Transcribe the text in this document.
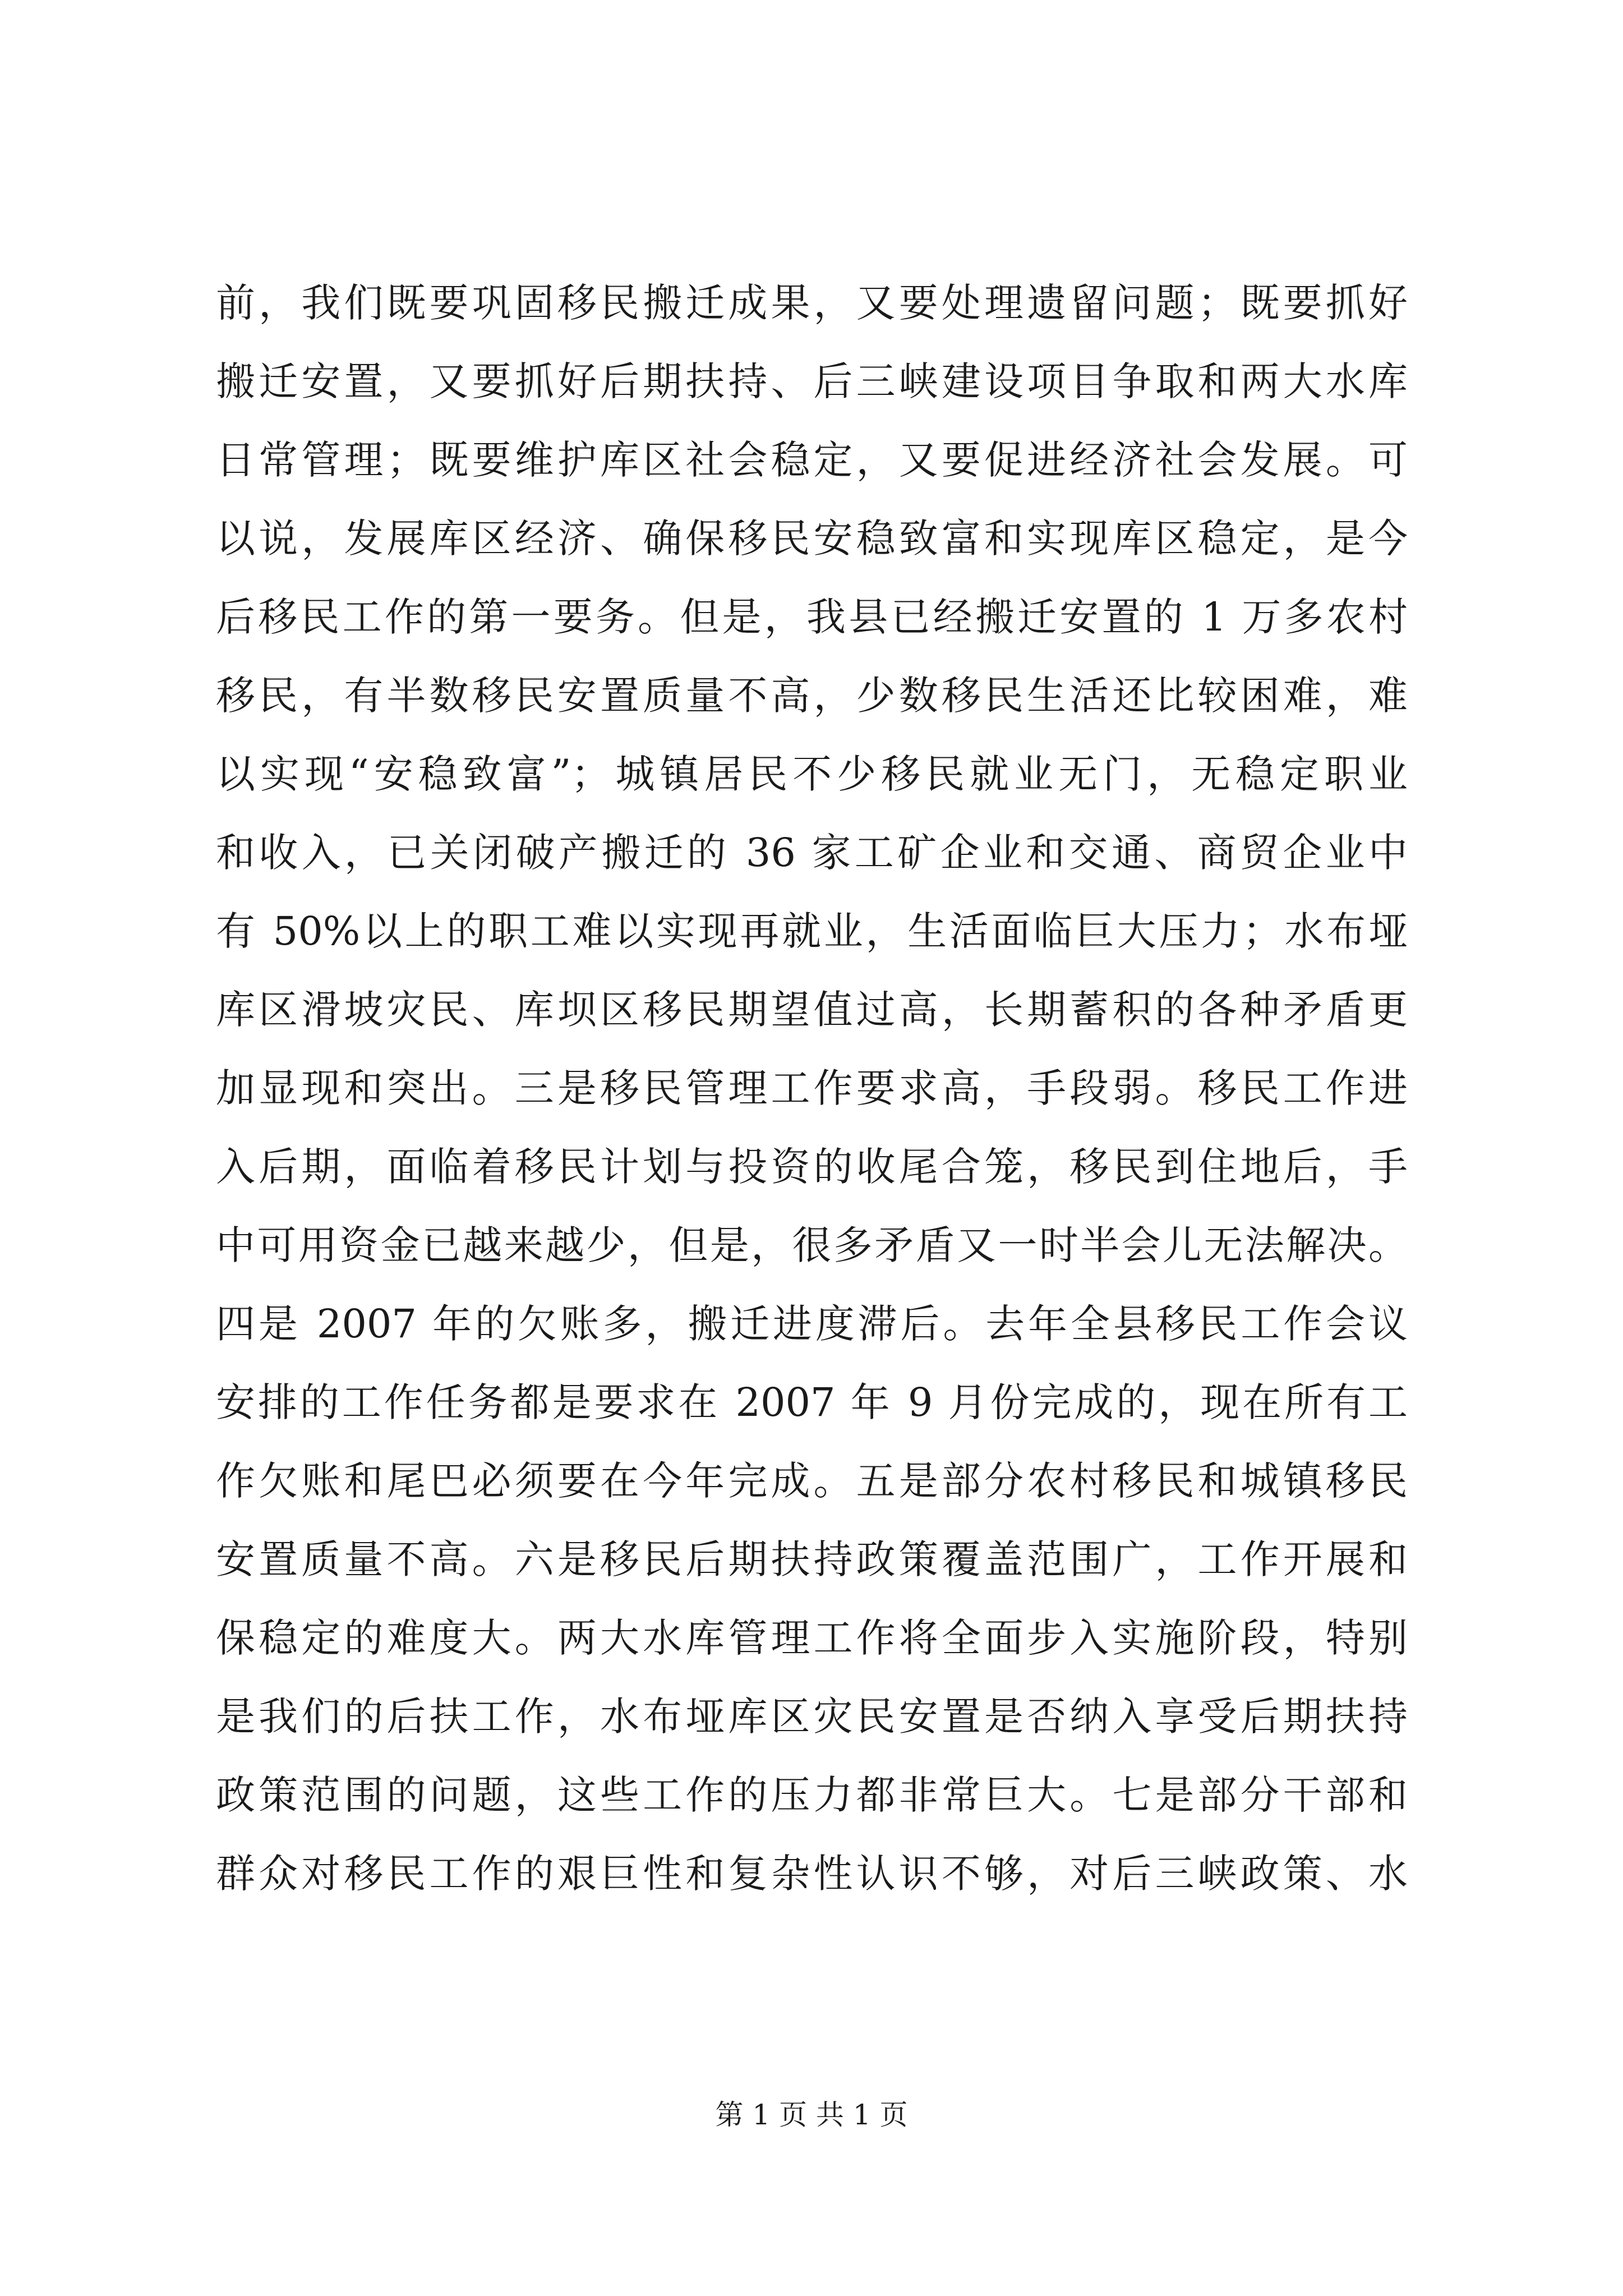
前，我们既要巩固移民搬迁成果，又要处理遗留问题；既要抓好
搬迁安置，又要抓好后期扶持、后三峡建设项目争取和两大水库
日常管理；既要维护库区社会稳定，又要促进经济社会发展。可
以说，发展库区经济、确保移民安稳致富和实现库区稳定，是今
后移民工作的第一要务。但是，我县已经搬迁安置的 1 万多农村
移民，有半数移民安置质量不高，少数移民生活还比较困难，难
以实现“安稳致富”；城镇居民不少移民就业无门，无稳定职业
和收入，已关闭破产搬迁的 36 家工矿企业和交通、商贸企业中
有 50%以上的职工难以实现再就业，生活面临巨大压力；水布垭
库区滑坡灾民、库坝区移民期望值过高，长期蓄积的各种矛盾更
加显现和突出。三是移民管理工作要求高，手段弱。移民工作进
入后期，面临着移民计划与投资的收尾合笼，移民到住地后，手
中可用资金已越来越少，但是，很多矛盾又一时半会儿无法解决。
四是 2007 年的欠账多，搬迁进度滞后。去年全县移民工作会议
安排的工作任务都是要求在 2007 年 9 月份完成的，现在所有工
作欠账和尾巴必须要在今年完成。五是部分农村移民和城镇移民
安置质量不高。六是移民后期扶持政策覆盖范围广，工作开展和
保稳定的难度大。两大水库管理工作将全面步入实施阶段，特别
是我们的后扶工作，水布垭库区灾民安置是否纳入享受后期扶持
政策范围的问题，这些工作的压力都非常巨大。七是部分干部和
群众对移民工作的艰巨性和复杂性认识不够，对后三峡政策、水
第 1 页 共 1 页
